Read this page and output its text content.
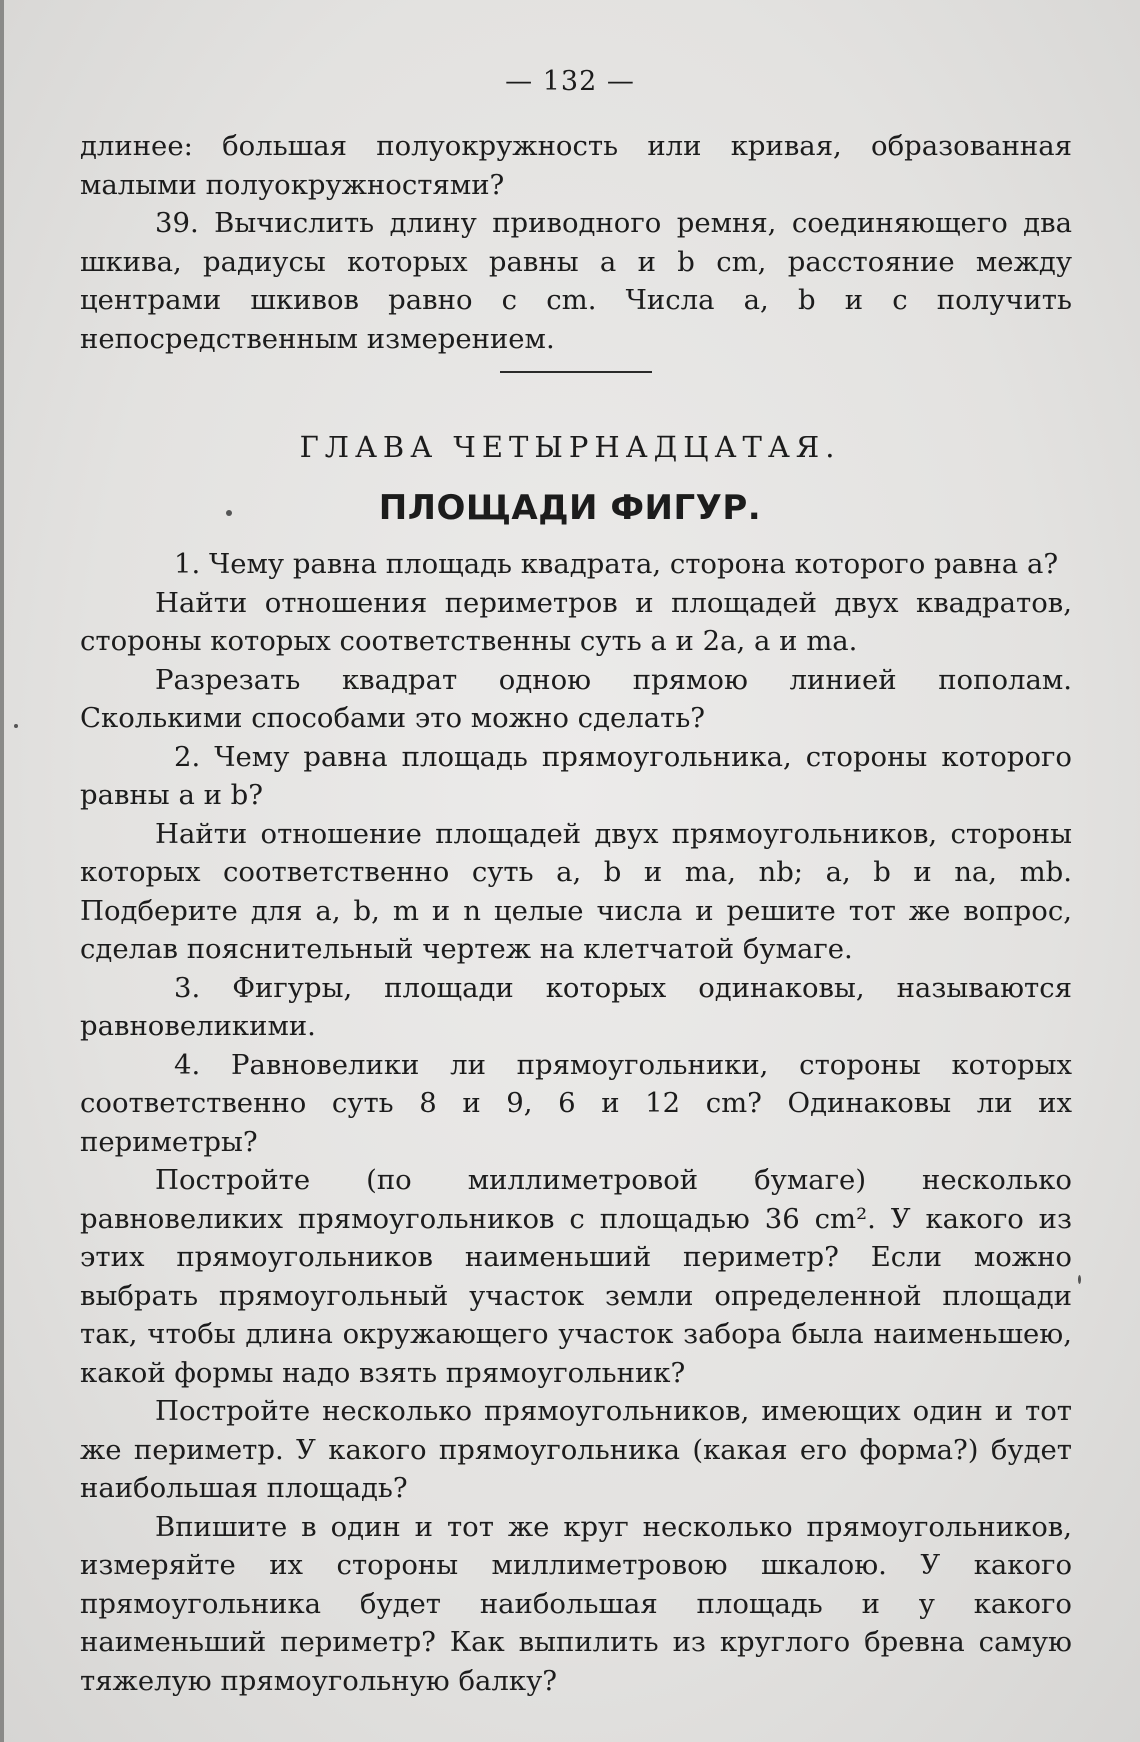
— 132 —

длинее: большая полуокружность или кривая, образованная малыми полуокружностями?

39. Вычислить длину приводного ремня, соединяющего два шкива, радиусы которых равны a и b cm, расстояние между центрами шкивов равно c cm. Числа a, b и c получить непосредственным измерением.

ГЛАВА ЧЕТЫРНАДЦАТАЯ.
ПЛОЩАДИ ФИГУР.

1. Чему равна площадь квадрата, сторона которого равна a?

Найти отношения периметров и площадей двух квадратов, стороны которых соответственны суть a и 2a, a и ma.

Разрезать квадрат одною прямою линией пополам. Сколькими способами это можно сделать?

2. Чему равна площадь прямоугольника, стороны которого равны a и b?

Найти отношение площадей двух прямоугольников, стороны которых соответственно суть a, b и ma, nb; a, b и na, mb. Подберите для a, b, m и n целые числа и решите тот же вопрос, сделав пояснительный чертеж на клетчатой бумаге.

3. Фигуры, площади которых одинаковы, называются равновеликими.

4. Равновелики ли прямоугольники, стороны которых соответственно суть 8 и 9, 6 и 12 cm? Одинаковы ли их периметры?

Постройте (по миллиметровой бумаге) несколько равновеликих прямоугольников с площадью 36 cm². У какого из этих прямоугольников наименьший периметр? Если можно выбрать прямоугольный участок земли определенной площади так, чтобы длина окружающего участок забора была наименьшею, какой формы надо взять прямоугольник?

Постройте несколько прямоугольников, имеющих один и тот же периметр. У какого прямоугольника (какая его форма?) будет наибольшая площадь?

Впишите в один и тот же круг несколько прямоугольников, измеряйте их стороны миллиметровою шкалою. У какого прямоугольника будет наибольшая площадь и у какого наименьший периметр? Как выпилить из круглого бревна самую тяжелую прямоугольную балку?
